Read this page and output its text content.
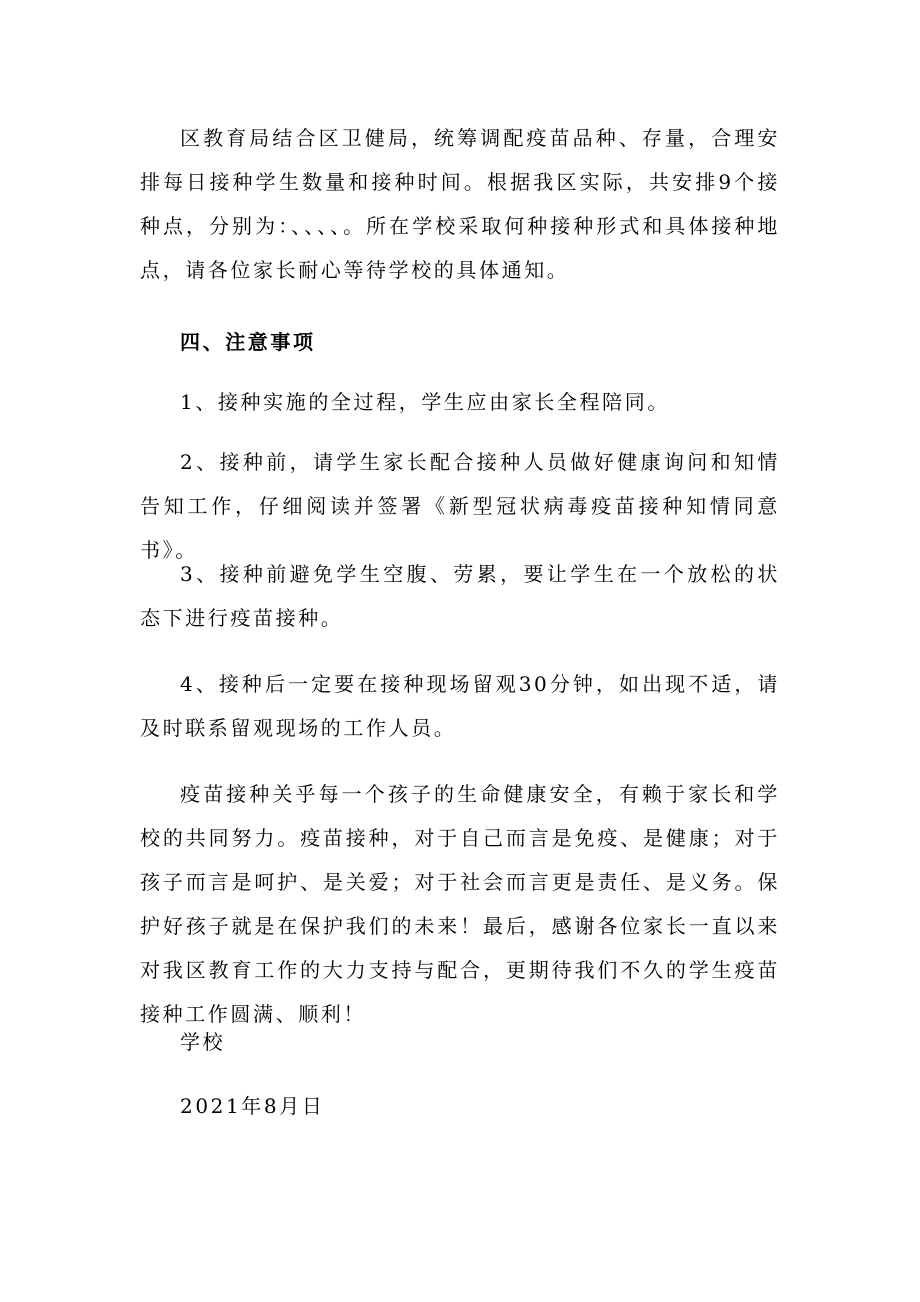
区教育局结合区卫健局，统筹调配疫苗品种、存量，合理安排每日接种学生数量和接种时间。根据我区实际，共安排9个接种点，分别为：、、、、。所在学校采取何种接种形式和具体接种地点，请各位家长耐心等待学校的具体通知。

四、注意事项

1、接种实施的全过程，学生应由家长全程陪同。

2、接种前，请学生家长配合接种人员做好健康询问和知情告知工作，仔细阅读并签署《新型冠状病毒疫苗接种知情同意书》。

3、接种前避免学生空腹、劳累，要让学生在一个放松的状态下进行疫苗接种。

4、接种后一定要在接种现场留观30分钟，如出现不适，请及时联系留观现场的工作人员。

疫苗接种关乎每一个孩子的生命健康安全，有赖于家长和学校的共同努力。疫苗接种，对于自己而言是免疫、是健康；对于孩子而言是呵护、是关爱；对于社会而言更是责任、是义务。保护好孩子就是在保护我们的未来！最后，感谢各位家长一直以来对我区教育工作的大力支持与配合，更期待我们不久的学生疫苗接种工作圆满、顺利！

学校

2021年8月日
